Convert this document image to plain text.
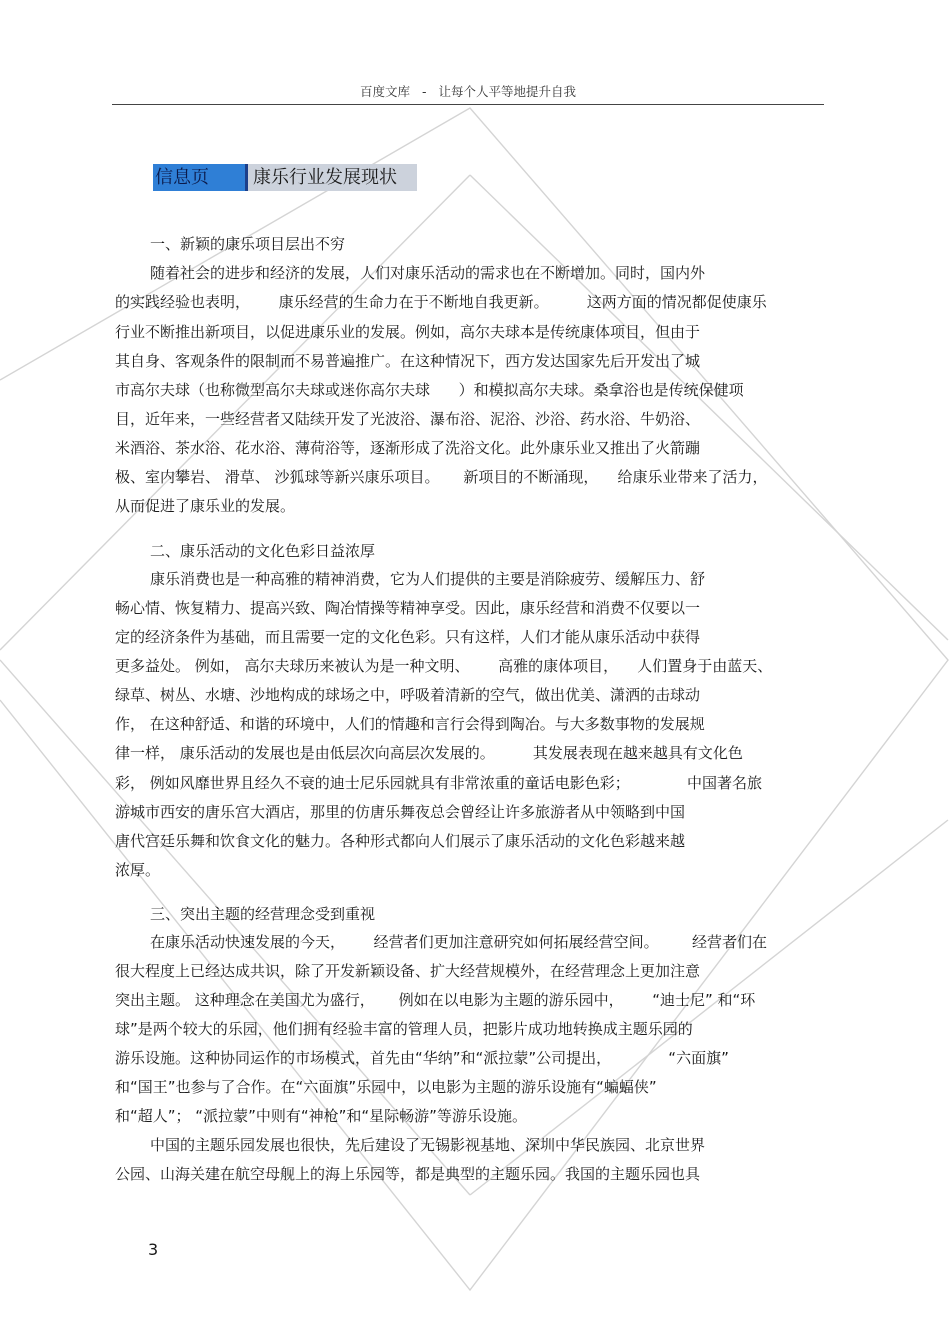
百度文库 - 让每个人平等地提升自我
信息页	康乐行业发展现状
一、新颖的康乐项目层出不穷
随着社会的进步和经济的发展，人们对康乐活动的需求也在不断增加。同时，国内外
的实践经验也表明，      康乐经营的生命力在于不断地自我更新。        这两方面的情况都促使康乐
行业不断推出新项目，以促进康乐业的发展。例如，高尔夫球本是传统康体项目，但由于
其自身、客观条件的限制而不易普遍推广。在这种情况下，西方发达国家先后开发出了城
市高尔夫球（也称微型高尔夫球或迷你高尔夫球      ）和模拟高尔夫球。桑拿浴也是传统保健项
目，近年来，一些经营者又陆续开发了光波浴、瀑布浴、泥浴、沙浴、药水浴、牛奶浴、
米酒浴、茶水浴、花水浴、薄荷浴等，逐渐形成了洗浴文化。此外康乐业又推出了火箭蹦
极、室内攀岩、 滑草、 沙狐球等新兴康乐项目。     新项目的不断涌现，    给康乐业带来了活力，
从而促进了康乐业的发展。
二、康乐活动的文化色彩日益浓厚
康乐消费也是一种高雅的精神消费，它为人们提供的主要是消除疲劳、缓解压力、舒
畅心情、恢复精力、提高兴致、陶冶情操等精神享受。因此，康乐经营和消费不仅要以一
定的经济条件为基础，而且需要一定的文化色彩。只有这样，人们才能从康乐活动中获得
更多益处。 例如， 高尔夫球历来被认为是一种文明、      高雅的康体项目，    人们置身于由蓝天、
绿草、树丛、水塘、沙地构成的球场之中，呼吸着清新的空气，做出优美、潇洒的击球动
作， 在这种舒适、和谐的环境中，人们的情趣和言行会得到陶冶。与大多数事物的发展规
律一样， 康乐活动的发展也是由低层次向高层次发展的。        其发展表现在越来越具有文化色
彩， 例如风靡世界且经久不衰的迪士尼乐园就具有非常浓重的童话电影色彩；            中国著名旅
游城市西安的唐乐宫大酒店，那里的仿唐乐舞夜总会曾经让许多旅游者从中领略到中国
唐代宫廷乐舞和饮食文化的魅力。各种形式都向人们展示了康乐活动的文化色彩越来越
浓厚。
三、突出主题的经营理念受到重视
在康乐活动快速发展的今天，      经营者们更加注意研究如何拓展经营空间。       经营者们在
很大程度上已经达成共识，除了开发新颖设备、扩大经营规模外，在经营理念上更加注意
突出主题。 这种理念在美国尤为盛行，     例如在以电影为主题的游乐园中，      “迪士尼” 和“环
球”是两个较大的乐园，他们拥有经验丰富的管理人员，把影片成功地转换成主题乐园的
游乐设施。这种协同运作的市场模式，首先由“华纳”和“派拉蒙”公司提出，            “六面旗”
和“国王”也参与了合作。在“六面旗”乐园中，以电影为主题的游乐设施有“蝙蝠侠”
和“超人”； “派拉蒙”中则有“神枪”和“星际畅游”等游乐设施。
中国的主题乐园发展也很快，先后建设了无锡影视基地、深圳中华民族园、北京世界
公园、山海关建在航空母舰上的海上乐园等，都是典型的主题乐园。我国的主题乐园也具
3
